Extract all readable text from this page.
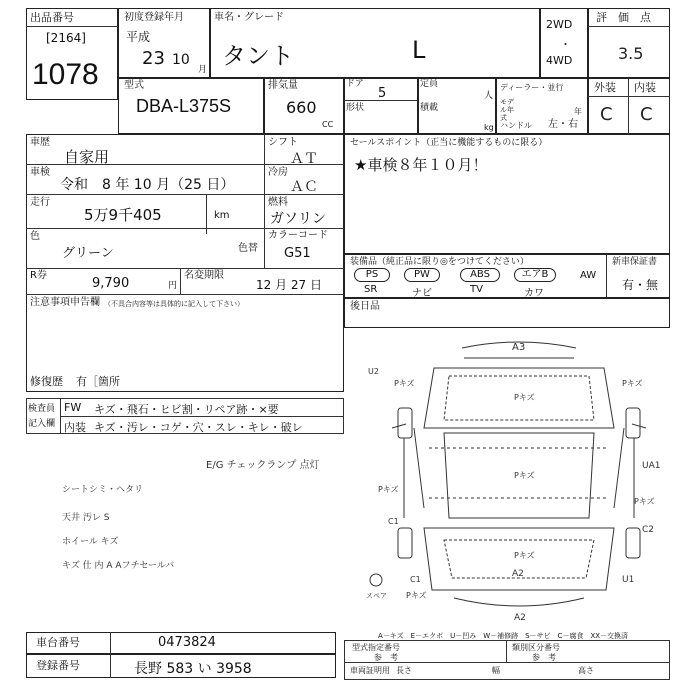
出品番号
[2164]
1078
初度登録年月
平成
23 10
月
車名・グレード
タント	L
2WD
・
4WD
評　価　点
3.5
型式
DBA-L375S
排気量
660
CC
ドア
5
形状
定員
人
積載
kg
ディーラー・並行
モデル年式
年
ハンドル 左・右
外装 内装
C C
車歴
自家用
シフト
ＡＴ
車検
令和　8 年 10 月（25 日）
冷房
ＡＣ
走行
5万9千405	km
燃料
ガソリン
色
グリーン	色替
カラーコード
G51
R券
9,790	円
名変期限
12 月 27 日
注意事項申告欄 （不具合内容等は具体的に記入して下さい）
修復歴 有［箇所
セールスポイント（正当に機能するものに限る）
★車検８年１０月！
装備品（純正品に限り◎をつけてください）	新車保証書
有・無
PS	PW	ABS	エアB	AW
SR	ナビ	TV	カワ
後日品
検査員
記入欄
FW キズ・飛石・ヒビ割・リペア跡・×要
内装 キズ・汚レ・コゲ・穴・スレ・キレ・破レ
E/G チェックランプ 点灯
シートシミ・ヘタリ
天井 汚レ S
ホイール キズ
キズ 仕 内 A Aフチセールバ
A3
U2
Pキズ
Pキズ
Pキズ
Pキズ
Pキズ
Pキズ
UA1
C1
C2
A2
C1	U1
A2
Pキズ
Pキズ
スペア
A－キズ　E－エクボ　U－凹み　W－補修跡　S－サビ　C－腐食　XX－交換済
車台番号	0473824
登録番号	長野 583 い 3958
型式指定番号
参　考
類別区分番号
参　考
車両証明用 長さ	幅	高さ
